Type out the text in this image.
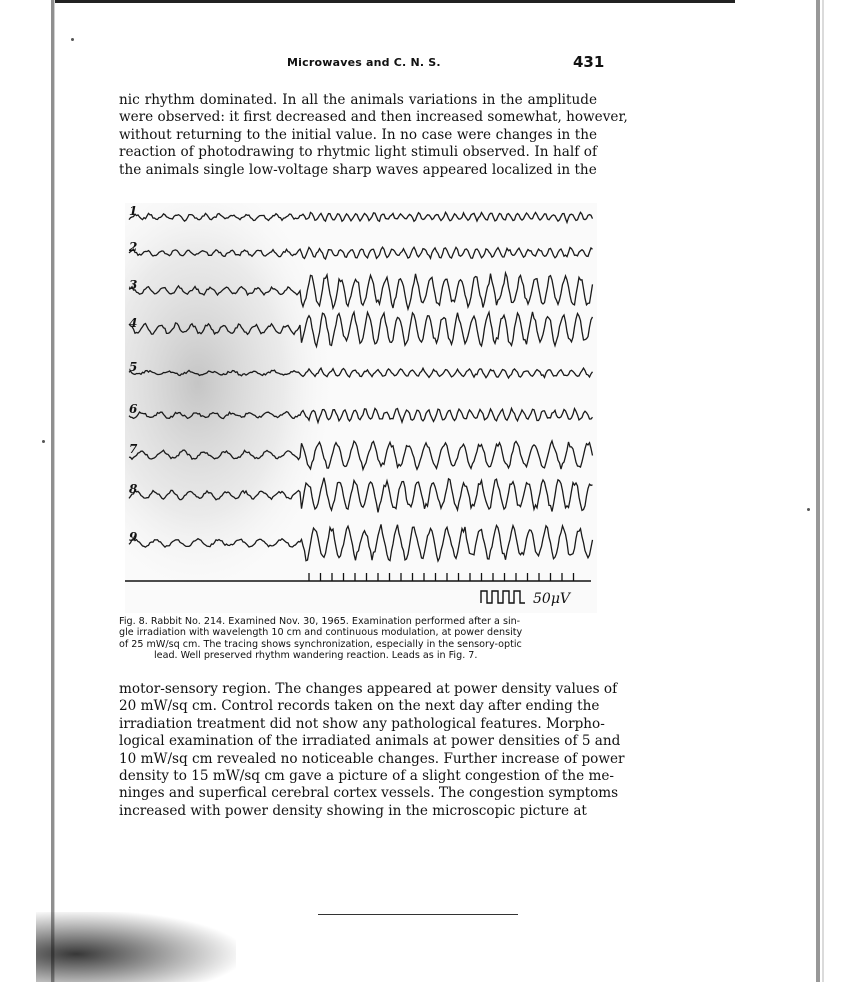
Microwaves and C. N. S.	431
nic rhythm dominated. In all the animals variations in the amplitude
were observed: it first decreased and then increased somewhat, however,
without returning to the initial value. In no case were changes in the
reaction of photodrawing to rhytmic light stimuli observed. In half of
the animals single low-voltage sharp waves appeared localized in the
1
2
3
4
5
6
7
8
9
50μV
Fig. 8. Rabbit No. 214. Examined Nov. 30, 1965. Examination performed after a sin-
gle irradiation with wavelength 10 cm and continuous modulation, at power density
of 25 mW/sq cm. The tracing shows synchronization, especially in the sensory-optic
lead. Well preserved rhythm wandering reaction. Leads as in Fig. 7.
motor-sensory region. The changes appeared at power density values of
20 mW/sq cm. Control records taken on the next day after ending the
irradiation treatment did not show any pathological features. Morpho-
logical examination of the irradiated animals at power densities of 5 and
10 mW/sq cm revealed no noticeable changes. Further increase of power
density to 15 mW/sq cm gave a picture of a slight congestion of the me-
ninges and superfical cerebral cortex vessels. The congestion symptoms
increased with power density showing in the microscopic picture at
